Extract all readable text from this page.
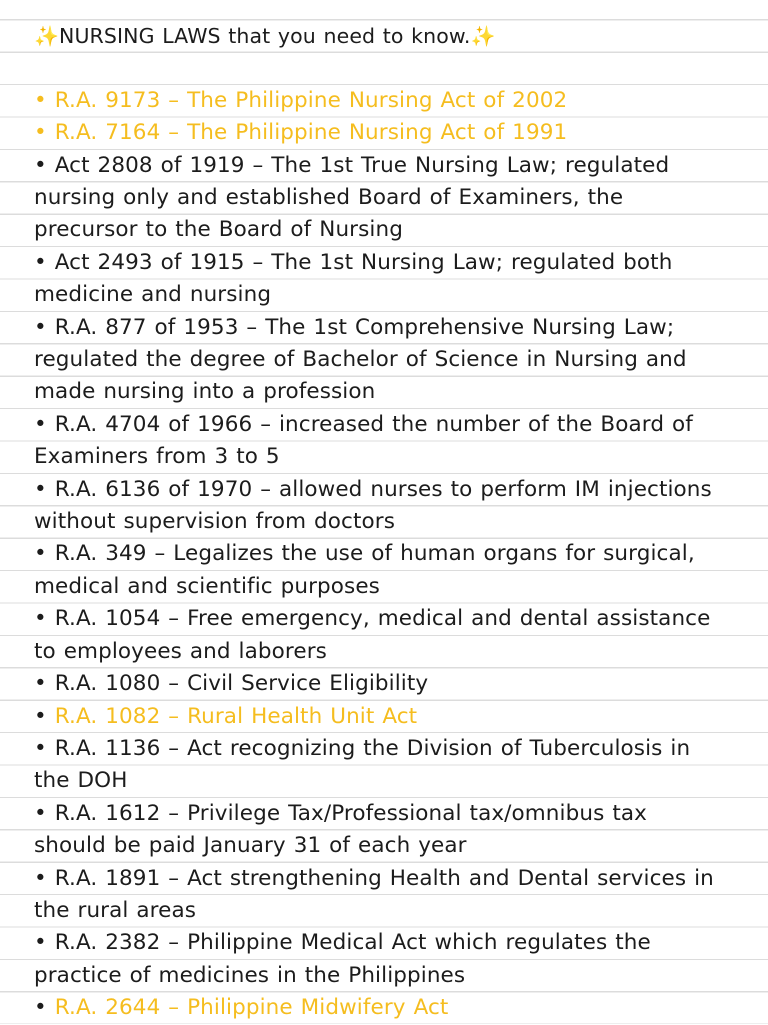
✨NURSING LAWS that you need to know.✨
• R.A. 9173 – The Philippine Nursing Act of 2002
• R.A. 7164 – The Philippine Nursing Act of 1991
• Act 2808 of 1919 – The 1st True Nursing Law; regulated
nursing only and established Board of Examiners, the
precursor to the Board of Nursing
• Act 2493 of 1915 – The 1st Nursing Law; regulated both
medicine and nursing
• R.A. 877 of 1953 – The 1st Comprehensive Nursing Law;
regulated the degree of Bachelor of Science in Nursing and
made nursing into a profession
• R.A. 4704 of 1966 – increased the number of the Board of
Examiners from 3 to 5
• R.A. 6136 of 1970 – allowed nurses to perform IM injections
without supervision from doctors
• R.A. 349 – Legalizes the use of human organs for surgical,
medical and scientific purposes
• R.A. 1054 – Free emergency, medical and dental assistance
to employees and laborers
• R.A. 1080 – Civil Service Eligibility
• R.A. 1082 – Rural Health Unit Act
• R.A. 1136 – Act recognizing the Division of Tuberculosis in
the DOH
• R.A. 1612 – Privilege Tax/Professional tax/omnibus tax
should be paid January 31 of each year
• R.A. 1891 – Act strengthening Health and Dental services in
the rural areas
• R.A. 2382 – Philippine Medical Act which regulates the
practice of medicines in the Philippines
• R.A. 2644 – Philippine Midwifery Act
